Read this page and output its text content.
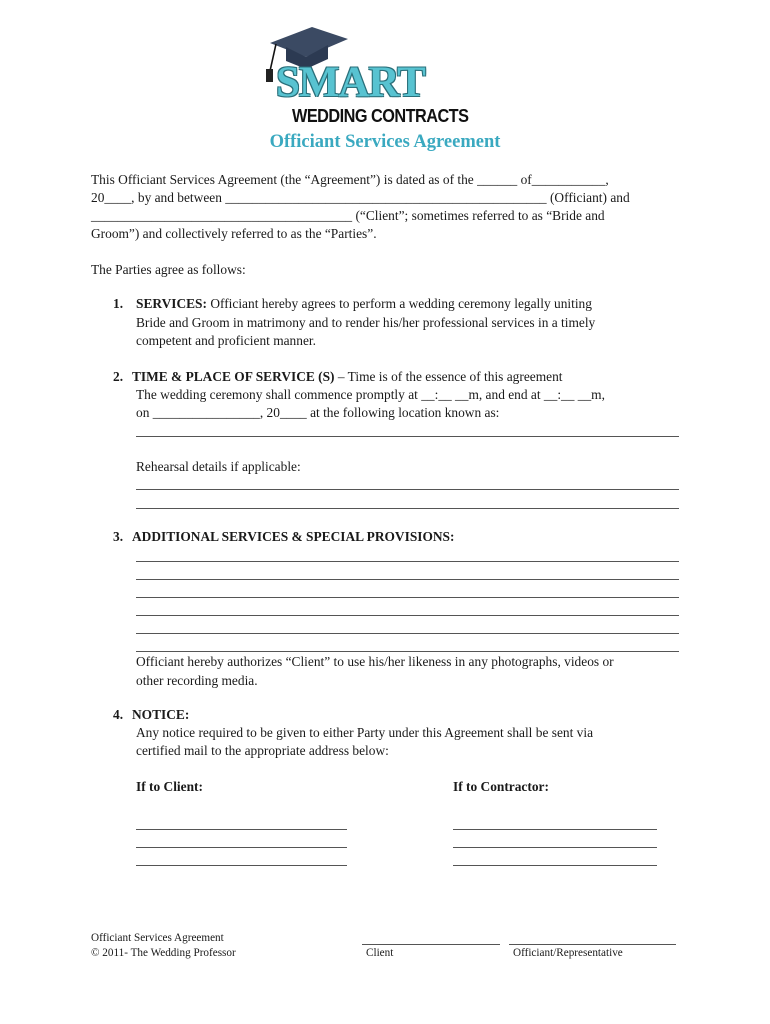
SMART
WEDDING CONTRACTS
Officiant Services Agreement
This Officiant Services Agreement (the “Agreement”) is dated as of the ______ of___________,
20____, by and between ________________________________________________ (Officiant) and
_______________________________________ (“Client”; sometimes referred to as “Bride and
Groom”) and collectively referred to as the “Parties”.
The Parties agree as follows:
1. SERVICES: Officiant hereby agrees to perform a wedding ceremony legally uniting
Bride and Groom in matrimony and to render his/her professional services in a timely
competent and proficient manner.
2. TIME & PLACE OF SERVICE (S) – Time is of the essence of this agreement
The wedding ceremony shall commence promptly at __:__ __m, and end at __:__ __m,
on ________________, 20____ at the following location known as:
Rehearsal details if applicable:
3. ADDITIONAL SERVICES & SPECIAL PROVISIONS:
Officiant hereby authorizes “Client” to use his/her likeness in any photographs, videos or
other recording media.
4. NOTICE:
Any notice required to be given to either Party under this Agreement shall be sent via
certified mail to the appropriate address below:
If to Client:	If to Contractor:
Officiant Services Agreement
© 2011- The Wedding Professor	Client	Officiant/Representative
